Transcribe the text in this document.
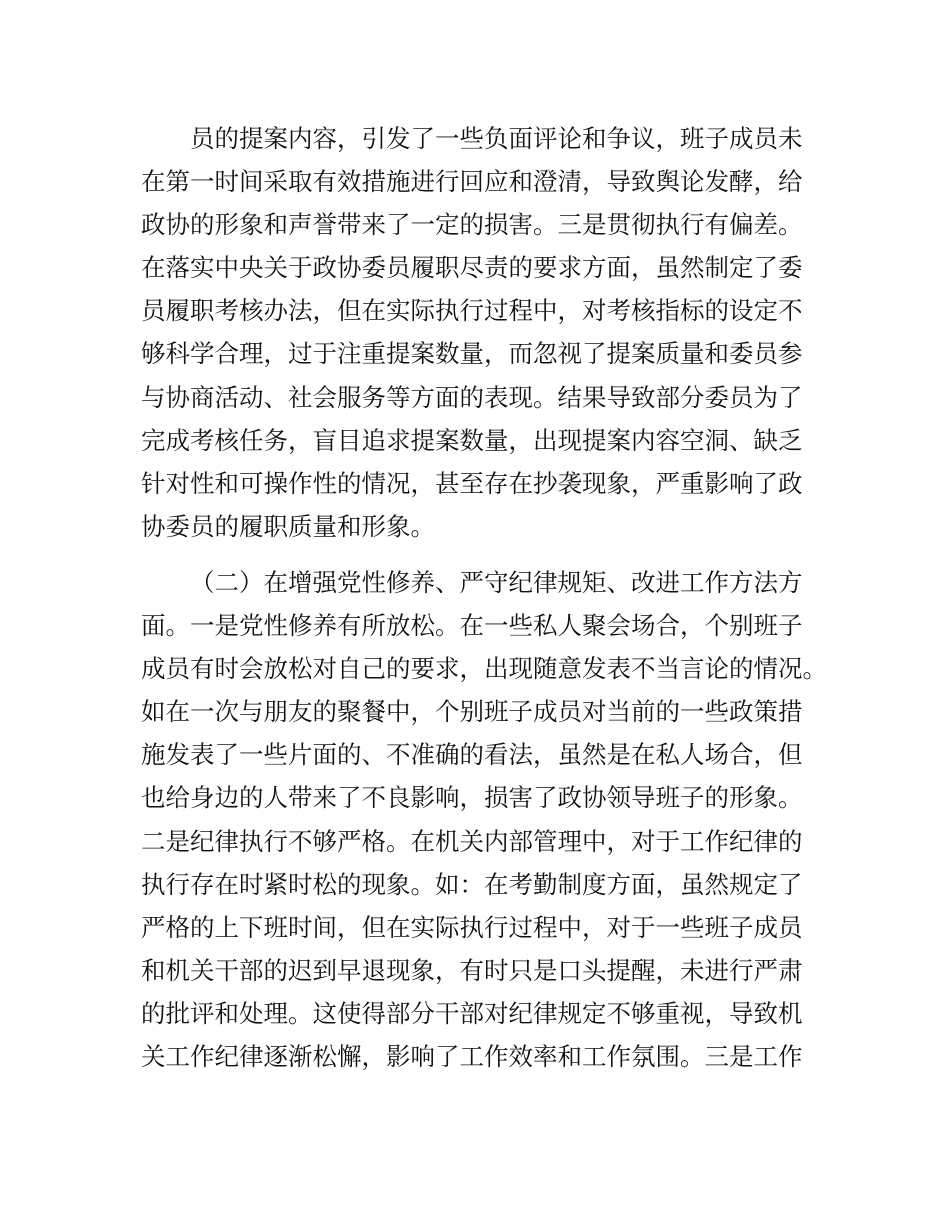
员的提案内容，引发了一些负面评论和争议，班子成员未
在第一时间采取有效措施进行回应和澄清，导致舆论发酵，给
政协的形象和声誉带来了一定的损害。三是贯彻执行有偏差。
在落实中央关于政协委员履职尽责的要求方面，虽然制定了委
员履职考核办法，但在实际执行过程中，对考核指标的设定不
够科学合理，过于注重提案数量，而忽视了提案质量和委员参
与协商活动、社会服务等方面的表现。结果导致部分委员为了
完成考核任务，盲目追求提案数量，出现提案内容空洞、缺乏
针对性和可操作性的情况，甚至存在抄袭现象，严重影响了政
协委员的履职质量和形象。
（二）在增强党性修养、严守纪律规矩、改进工作方法方
面。一是党性修养有所放松。在一些私人聚会场合，个别班子
成员有时会放松对自己的要求，出现随意发表不当言论的情况。
如在一次与朋友的聚餐中，个别班子成员对当前的一些政策措
施发表了一些片面的、不准确的看法，虽然是在私人场合，但
也给身边的人带来了不良影响，损害了政协领导班子的形象。
二是纪律执行不够严格。在机关内部管理中，对于工作纪律的
执行存在时紧时松的现象。如：在考勤制度方面，虽然规定了
严格的上下班时间，但在实际执行过程中，对于一些班子成员
和机关干部的迟到早退现象，有时只是口头提醒，未进行严肃
的批评和处理。这使得部分干部对纪律规定不够重视，导致机
关工作纪律逐渐松懈，影响了工作效率和工作氛围。三是工作
